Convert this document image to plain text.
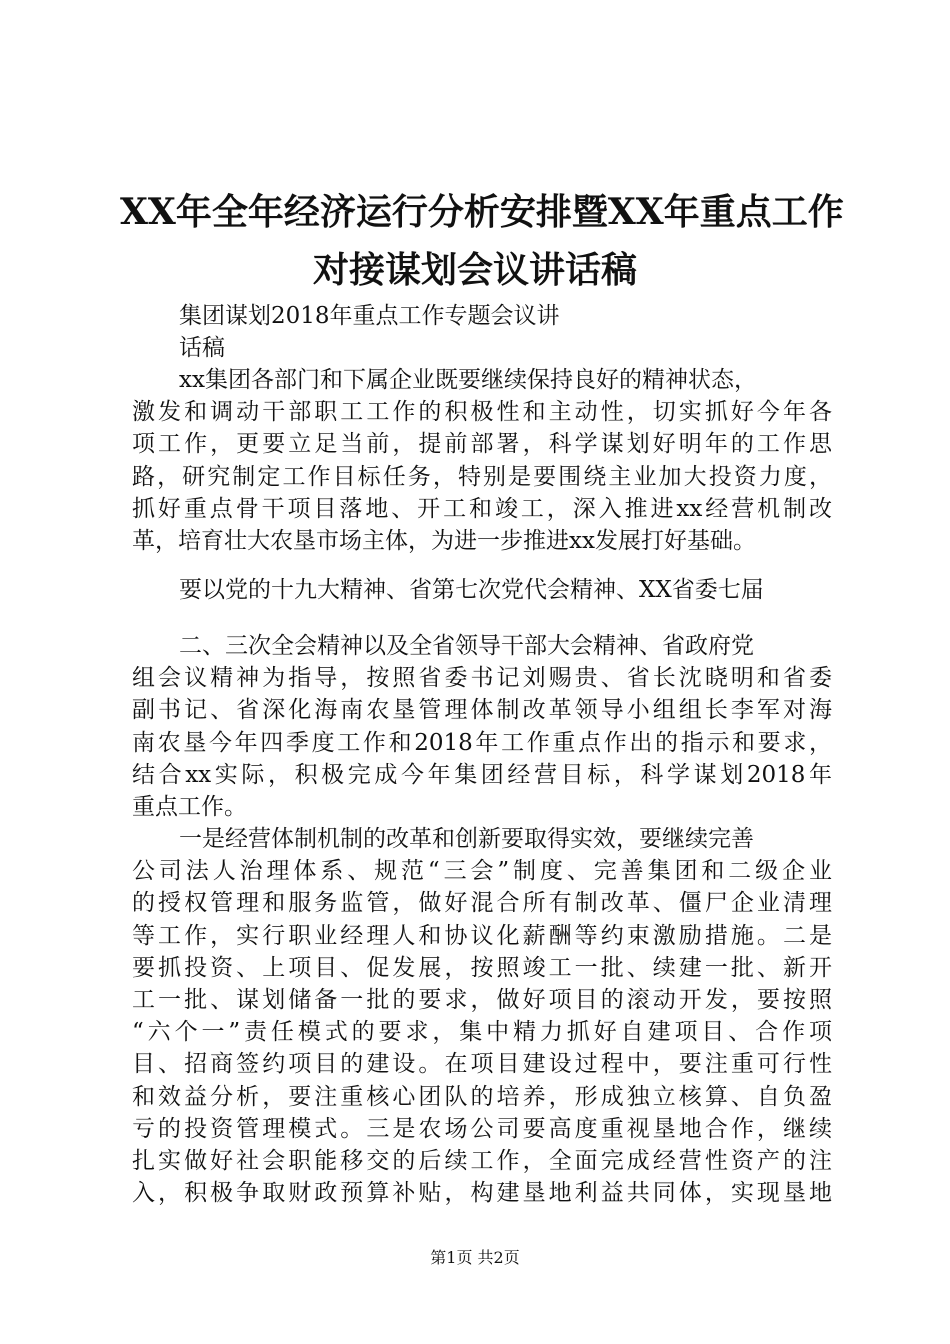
XX年全年经济运行分析安排暨XX年重点工作
对接谋划会议讲话稿
集团谋划2018年重点工作专题会议讲
话稿
xx集团各部门和下属企业既要继续保持良好的精神状态，
激发和调动干部职工工作的积极性和主动性，切实抓好今年各
项工作，更要立足当前，提前部署，科学谋划好明年的工作思
路，研究制定工作目标任务，特别是要围绕主业加大投资力度，
抓好重点骨干项目落地、开工和竣工，深入推进xx经营机制改
革，培育壮大农垦市场主体，为进一步推进xx发展打好基础。
要以党的十九大精神、省第七次党代会精神、XX省委七届
二、三次全会精神以及全省领导干部大会精神、省政府党
组会议精神为指导，按照省委书记刘赐贵、省长沈晓明和省委
副书记、省深化海南农垦管理体制改革领导小组组长李军对海
南农垦今年四季度工作和2018年工作重点作出的指示和要求，
结合xx实际，积极完成今年集团经营目标，科学谋划2018年
重点工作。
一是经营体制机制的改革和创新要取得实效，要继续完善
公司法人治理体系、规范“三会”制度、完善集团和二级企业
的授权管理和服务监管，做好混合所有制改革、僵尸企业清理
等工作，实行职业经理人和协议化薪酬等约束激励措施。二是
要抓投资、上项目、促发展，按照竣工一批、续建一批、新开
工一批、谋划储备一批的要求，做好项目的滚动开发，要按照
“六个一”责任模式的要求，集中精力抓好自建项目、合作项
目、招商签约项目的建设。在项目建设过程中，要注重可行性
和效益分析，要注重核心团队的培养，形成独立核算、自负盈
亏的投资管理模式。三是农场公司要高度重视垦地合作，继续
扎实做好社会职能移交的后续工作，全面完成经营性资产的注
入，积极争取财政预算补贴，构建垦地利益共同体，实现垦地
第1页 共2页
